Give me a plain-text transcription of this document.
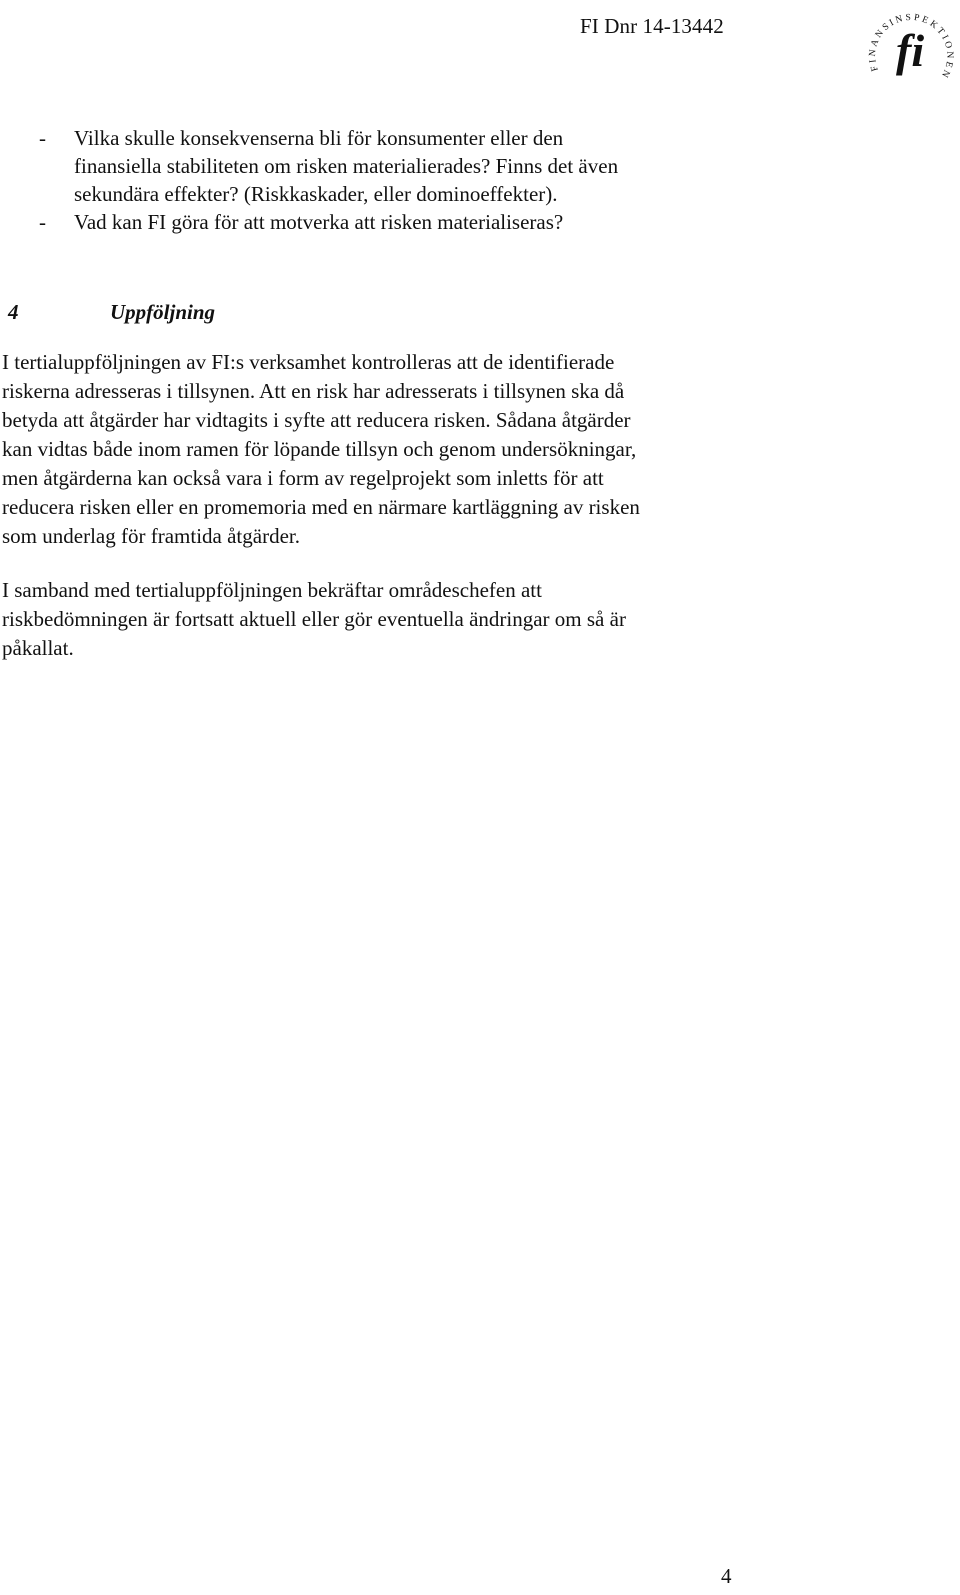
FI Dnr 14-13442
FINANSINSPEKTIONEN
fi
- Vilka skulle konsekvenserna bli för konsumenter eller den
finansiella stabiliteten om risken materialierades? Finns det även
sekundära effekter? (Riskkaskader, eller dominoeffekter).
- Vad kan FI göra för att motverka att risken materialiseras?
4	Uppföljning
I tertialuppföljningen av FI:s verksamhet kontrolleras att de identifierade
riskerna adresseras i tillsynen. Att en risk har adresserats i tillsynen ska då
betyda att åtgärder har vidtagits i syfte att reducera risken. Sådana åtgärder
kan vidtas både inom ramen för löpande tillsyn och genom undersökningar,
men åtgärderna kan också vara i form av regelprojekt som inletts för att
reducera risken eller en promemoria med en närmare kartläggning av risken
som underlag för framtida åtgärder.
I samband med tertialuppföljningen bekräftar områdeschefen att
riskbedömningen är fortsatt aktuell eller gör eventuella ändringar om så är
påkallat.
4
